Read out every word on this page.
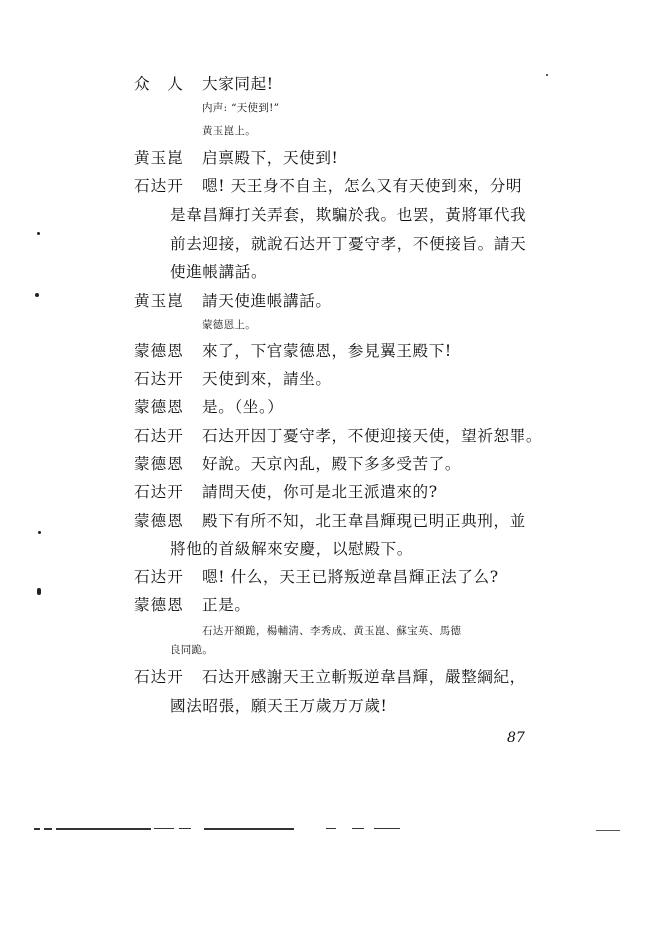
众　人 大家同起!
内声: “天使到!”
黄玉崑上。
黄玉崑 启禀殿下，天使到!
石达开 嗯! 天王身不自主，怎么又有天使到來，分明
是韋昌輝打关弄套，欺騙於我。也罢，黃將軍代我
前去迎接，就說石达开丁憂守孝，不便接旨。請天
使進帳講話。
黄玉崑 請天使進帳講話。
蒙德恩上。
蒙德恩 來了，下官蒙德恩，参見翼王殿下!
石达开 天使到來，請坐。
蒙德恩 是。（坐。）
石达开 石达开因丁憂守孝，不便迎接天使，望祈恕罪。
蒙德恩 好說。天京內乱，殿下多多受苦了。
石达开 請問天使，你可是北王派遣來的?
蒙德恩 殿下有所不知，北王韋昌輝現已明正典刑，並
將他的首級解來安慶，以慰殿下。
石达开 嗯! 什么，天王已將叛逆韋昌輝正法了么?
蒙德恩 正是。
石达开額跪，楊輔淸、李秀成、黄玉崑、蘇宝英、馬德
良同跪。
石达开 石达开感謝天王立斬叛逆韋昌輝，嚴整綱紀，
國法昭張，願天王万歲万万歲!
87
